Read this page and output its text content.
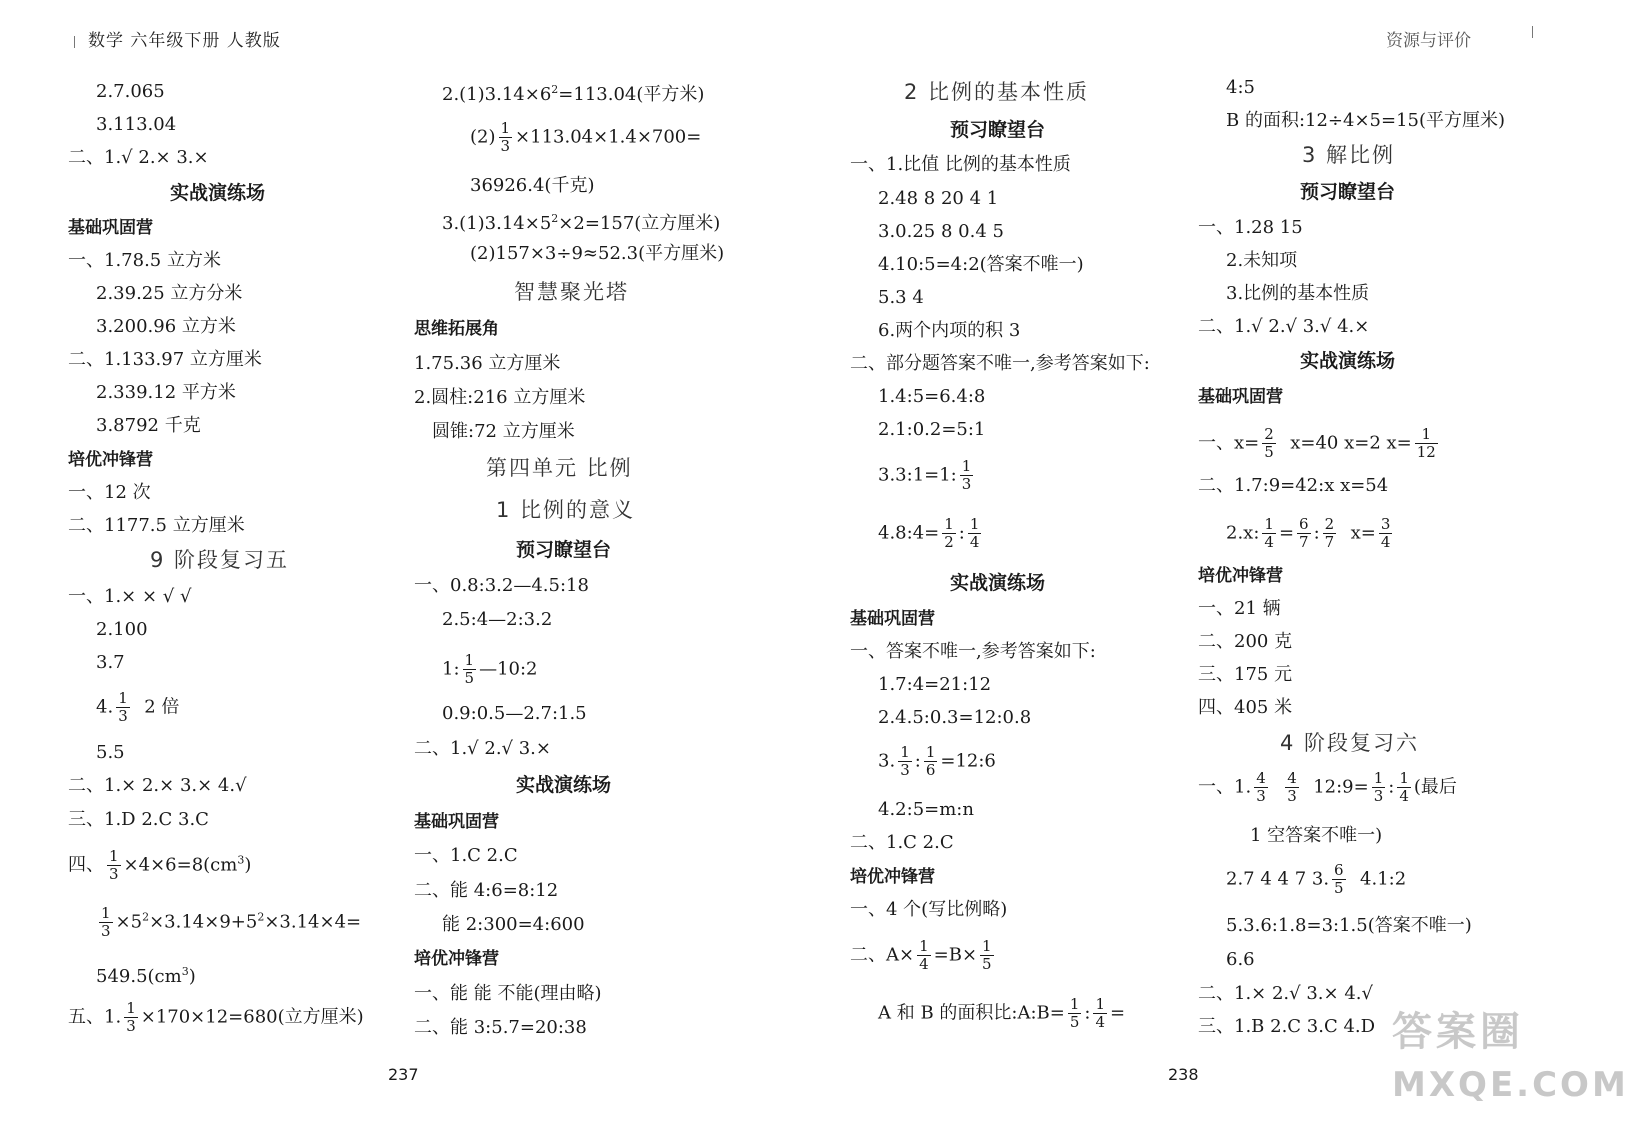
数学 六年级下册 人教版	资源与评价
2.7.065
3.113.04
二、1.√ 2.× 3.×
实战演练场
基础巩固营
一、1.78.5 立方米
2.39.25 立方分米
3.200.96 立方米
二、1.133.97 立方厘米
2.339.12 平方米
3.8792 千克
培优冲锋营
一、12 次
二、1177.5 立方厘米
9 阶段复习五
一、1.× × √ √
2.100
3.7
4. $\frac{1}{3} 2$ 倍
5.5
二、1.× 2.× 3.× 4.√
三、1.D 2.C 3.C
四、 $\frac{1}{3} \times 4\times 6=8(cm^3)$
$\frac{1}{3} \times 5^2\times 3.14\times 9+5^2\times 3.14\times 4=$
$549.5(cm^3)$
五、1. $\frac{1}{3} \times 170\times 12=680$(立方厘米)
$2.(1)3.14\times 6^2=113.04$(平方米)
$(2) \frac{1}{3} \times 113.04\times 1.4\times 700=$
36926.4(千克)
$3.(1)3.14\times 5^2\times 2=157$(立方厘米)
(2)157×3÷9≈52.3(平方厘米)
智慧聚光塔
思维拓展角
1.75.36 立方厘米
2.圆柱:216 立方厘米
圆锥:72 立方厘米
第四单元 比例
1 比例的意义
预习瞭望台
一、0.8:3.2—4.5:18
2.5:4—2:3.2
1: $\frac{1}{5}$ —10:2
0.9:0.5—2.7:1.5
二、1.√ 2.√ 3.×
实战演练场
基础巩固营
一、1.C 2.C
二、能 4:6=8:12
能 2:300=4:600
培优冲锋营
一、能 能 不能(理由略)
二、能 3:5.7=20:38
2 比例的基本性质
预习瞭望台
一、1.比值 比例的基本性质
2.48 8 20 4 1
3.0.25 8 0.4 5
4.10:5=4:2(答案不唯一)
5.3 4
6.两个内项的积 3
二、部分题答案不唯一,参考答案如下:
1.4:5=6.4:8
2.1:0.2=5:1
3.3:1=1: $\frac{1}{3}$
4.8:4= $\frac{1}{2}$ : $\frac{1}{4}$
实战演练场
基础巩固营
一、答案不唯一,参考答案如下:
1.7:4=21:12
2.4.5:0.3=12:0.8
3. $\frac{1}{3}$ : $\frac{1}{6}$ =12:6
4.2:5=m:n
二、1.C 2.C
培优冲锋营
一、4 个(写比例略)
二、$A\times \frac{1}{4} =B\times \frac{1}{5}$
A 和 B 的面积比:A:B= $\frac{1}{5}$ : $\frac{1}{4}$ =
4:5
B 的面积:12÷4×5=15(平方厘米)
3 解比例
预习瞭望台
一、1.28 15
2.未知项
3.比例的基本性质
二、1.√ 2.√ 3.√ 4.×
实战演练场
基础巩固营
一、$x= \frac{2}{5} x=40$ x=2 $x= \frac{1}{12}$
二、1.7:9=42:x x=54
2.x: $\frac{1}{4} = \frac{6}{7}$ : $\frac{2}{7} x= \frac{3}{4}$
培优冲锋营
一、21 辆
二、200 克
三、175 元
四、405 米
4 阶段复习六
一、1. $\frac{4}{3}$
$\frac{4}{3}$ 12:9= $\frac{1}{3}$ : $\frac{1}{4}$ (最后
1 空答案不唯一)
2.7 4 4 7 3. $\frac{6}{5}$ 4.1:2
5.3.6:1.8=3:1.5(答案不唯一)
6.6
二、1.× 2.√ 3.× 4.√
三、1.B 2.C 3.C 4.D
237	238
答案圈
MXQE.COM
